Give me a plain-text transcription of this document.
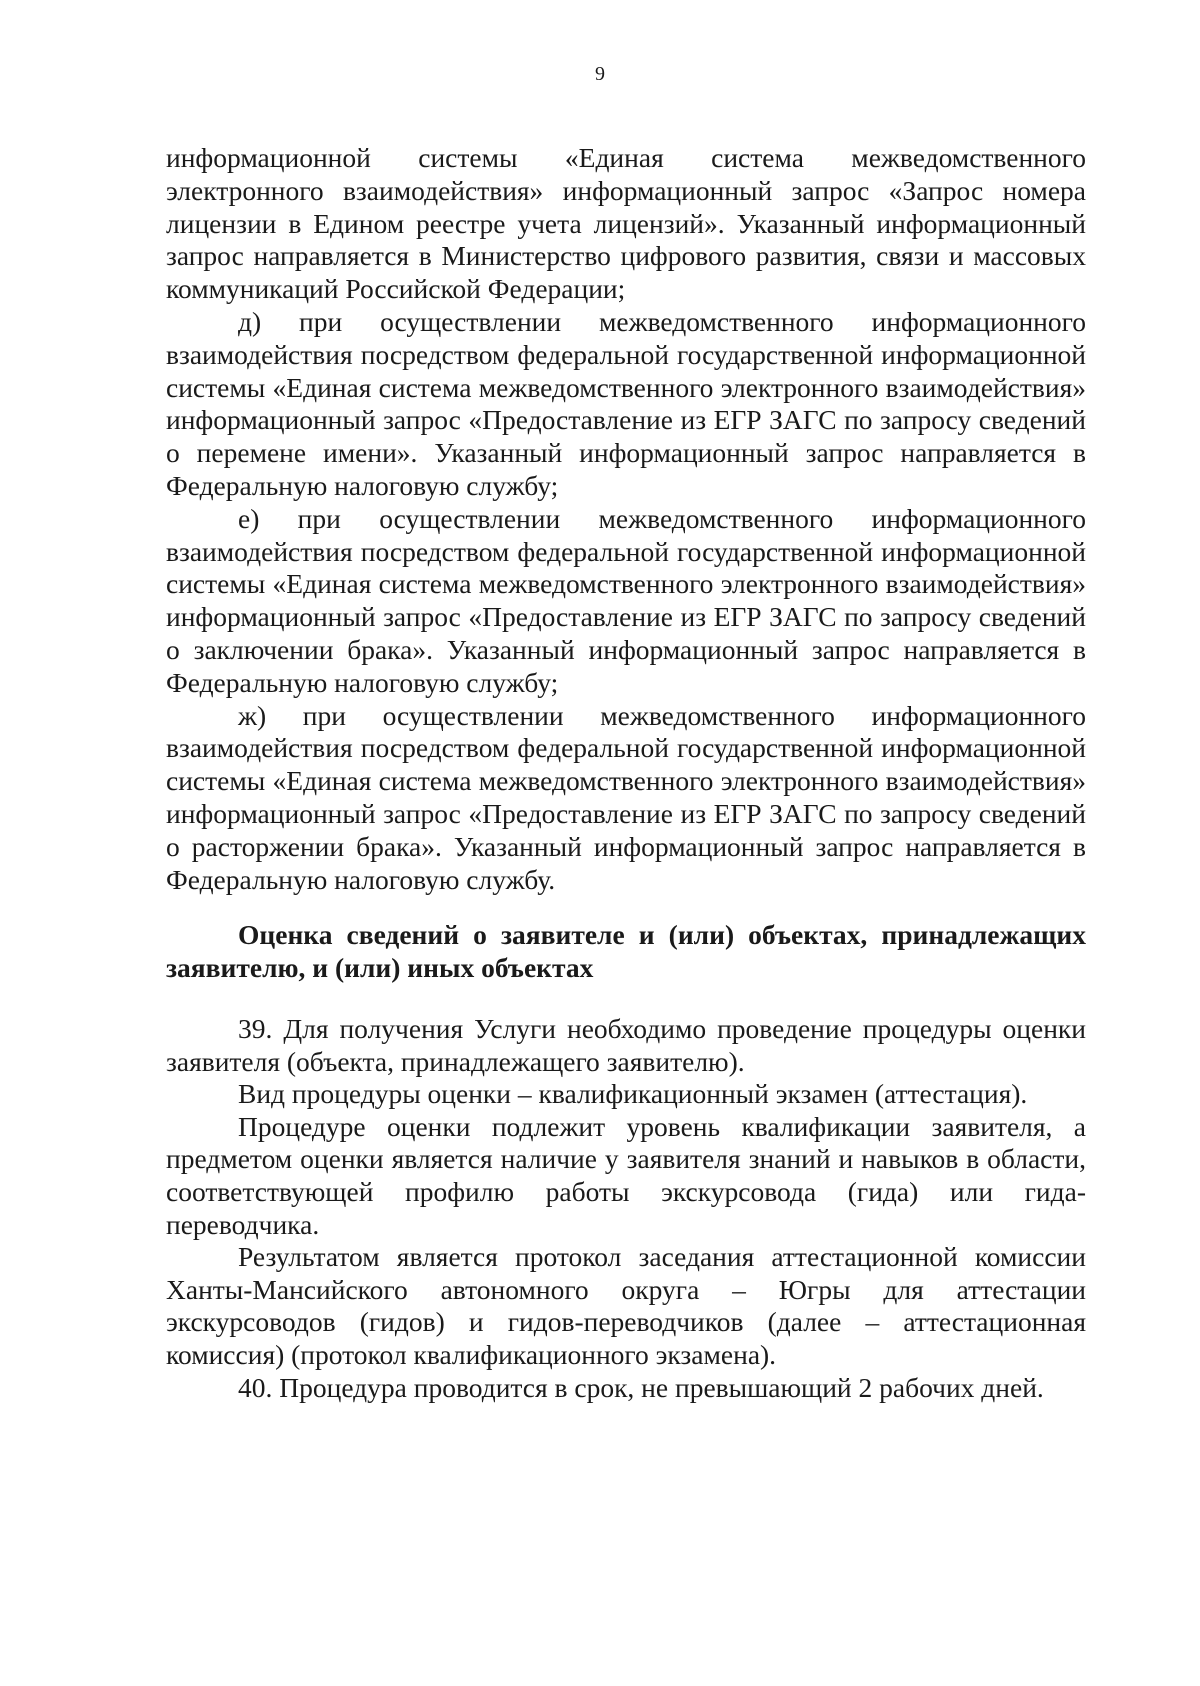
9

информационной системы «Единая система межведомственного электронного взаимодействия» информационный запрос «Запрос номера лицензии в Едином реестре учета лицензий». Указанный информационный запрос направляется в Министерство цифрового развития, связи и массовых коммуникаций Российской Федерации;

д) при осуществлении межведомственного информационного взаимодействия посредством федеральной государственной информационной системы «Единая система межведомственного электронного взаимодействия» информационный запрос «Предоставление из ЕГР ЗАГС по запросу сведений о перемене имени». Указанный информационный запрос направляется в Федеральную налоговую службу;

е) при осуществлении межведомственного информационного взаимодействия посредством федеральной государственной информационной системы «Единая система межведомственного электронного взаимодействия» информационный запрос «Предоставление из ЕГР ЗАГС по запросу сведений о заключении брака». Указанный информационный запрос направляется в Федеральную налоговую службу;

ж) при осуществлении межведомственного информационного взаимодействия посредством федеральной государственной информационной системы «Единая система межведомственного электронного взаимодействия» информационный запрос «Предоставление из ЕГР ЗАГС по запросу сведений о расторжении брака». Указанный информационный запрос направляется в Федеральную налоговую службу.

Оценка сведений о заявителе и (или) объектах, принадлежащих заявителю, и (или) иных объектах

39. Для получения Услуги необходимо проведение процедуры оценки заявителя (объекта, принадлежащего заявителю).

Вид процедуры оценки – квалификационный экзамен (аттестация).

Процедуре оценки подлежит уровень квалификации заявителя, а предметом оценки является наличие у заявителя знаний и навыков в области, соответствующей профилю работы экскурсовода (гида) или гида-переводчика.

Результатом является протокол заседания аттестационной комиссии Ханты-Мансийского автономного округа – Югры для аттестации экскурсоводов (гидов) и гидов-переводчиков (далее – аттестационная комиссия) (протокол квалификационного экзамена).

40. Процедура проводится в срок, не превышающий 2 рабочих дней.
